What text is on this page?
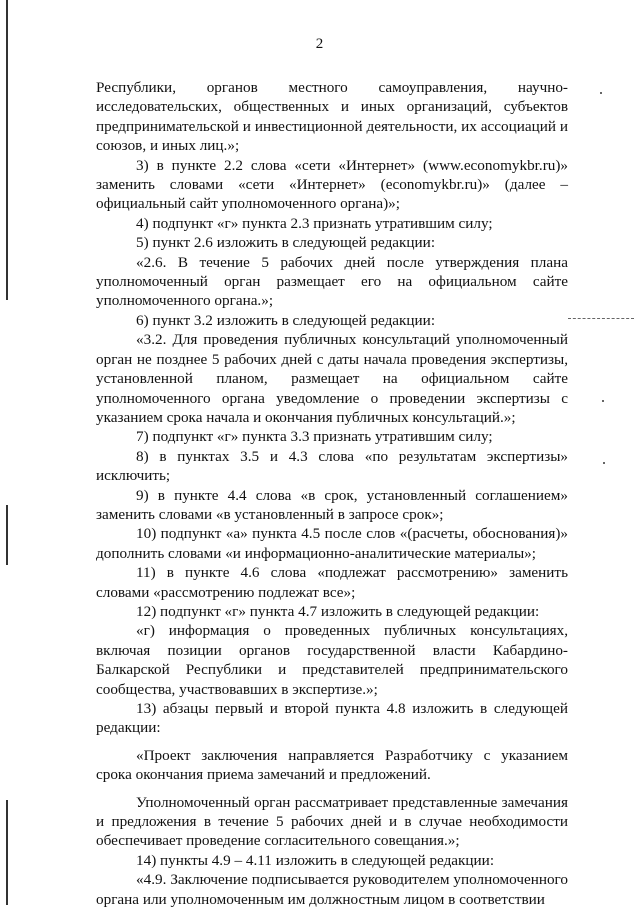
2

Республики, органов местного самоуправления, научно-исследовательских, общественных и иных организаций, субъектов предпринимательской и инвестиционной деятельности, их ассоциаций и союзов, и иных лиц.»;

3) в пункте 2.2 слова «сети «Интернет» (www.economykbr.ru)» заменить словами «сети «Интернет» (economykbr.ru)» (далее – официальный сайт уполномоченного органа)»;

4) подпункт «г» пункта 2.3 признать утратившим силу;

5) пункт 2.6 изложить в следующей редакции:

«2.6. В течение 5 рабочих дней после утверждения плана уполномоченный орган размещает его на официальном сайте уполномоченного органа.»;

6) пункт 3.2 изложить в следующей редакции:

«3.2. Для проведения публичных консультаций уполномоченный орган не позднее 5 рабочих дней с даты начала проведения экспертизы, установленной планом, размещает на официальном сайте уполномоченного органа уведомление о проведении экспертизы с указанием срока начала и окончания публичных консультаций.»;

7) подпункт «г» пункта 3.3 признать утратившим силу;

8) в пунктах 3.5 и 4.3 слова «по результатам экспертизы» исключить;

9) в пункте 4.4 слова «в срок, установленный соглашением» заменить словами «в установленный в запросе срок»;

10) подпункт «а» пункта 4.5 после слов «(расчеты, обоснования)» дополнить словами «и информационно-аналитические материалы»;

11) в пункте 4.6 слова «подлежат рассмотрению» заменить словами «рассмотрению подлежат все»;

12) подпункт «г» пункта 4.7 изложить в следующей редакции:

«г) информация о проведенных публичных консультациях, включая позиции органов государственной власти Кабардино-Балкарской Республики и представителей предпринимательского сообщества, участвовавших в экспертизе.»;

13) абзацы первый и второй пункта 4.8 изложить в следующей редакции:

«Проект заключения направляется Разработчику с указанием срока окончания приема замечаний и предложений.

Уполномоченный орган рассматривает представленные замечания и предложения в течение 5 рабочих дней и в случае необходимости обеспечивает проведение согласительного совещания.»;

14) пункты 4.9 – 4.11 изложить в следующей редакции:

«4.9. Заключение подписывается руководителем уполномоченного органа или уполномоченным им должностным лицом в соответствии
